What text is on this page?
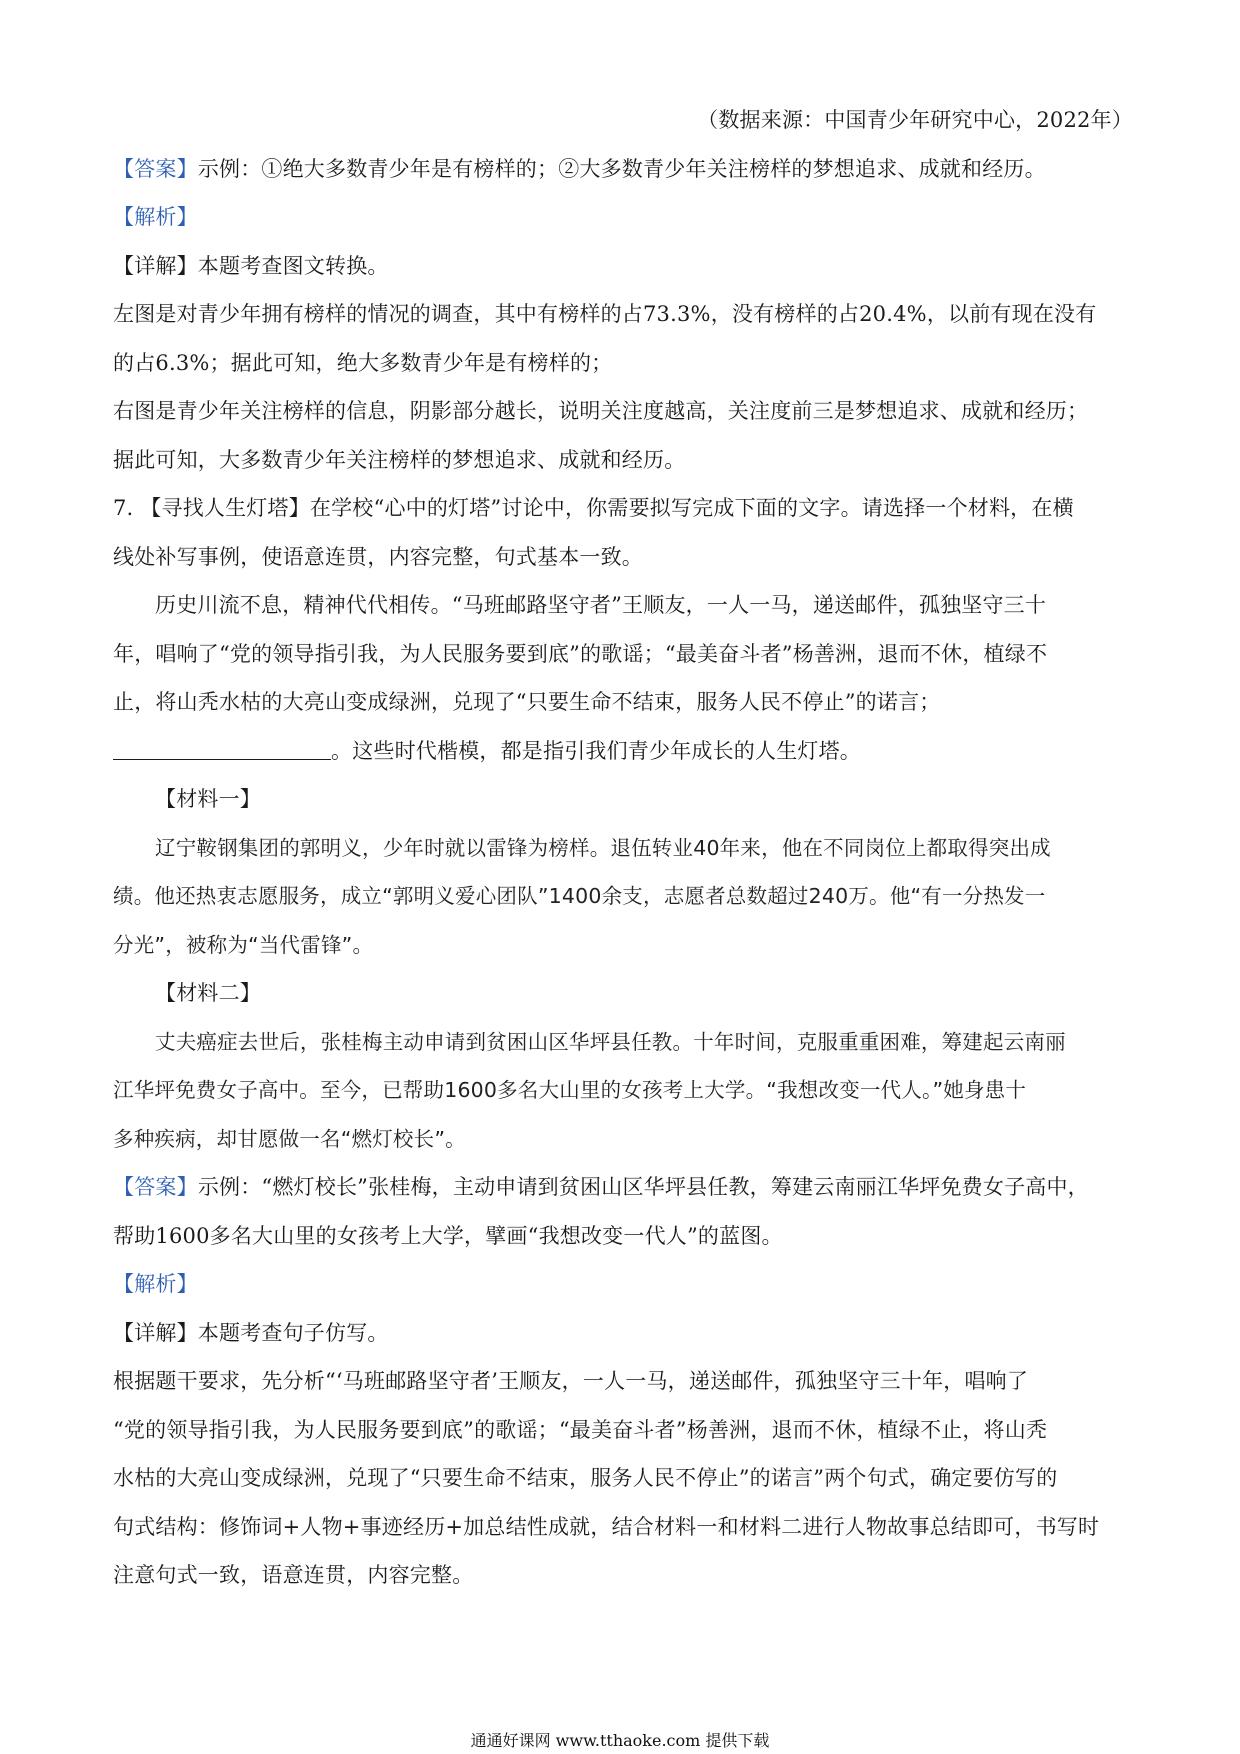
（数据来源：中国青少年研究中心，2022年）
【答案】示例：①绝大多数青少年是有榜样的；②大多数青少年关注榜样的梦想追求、成就和经历。
【解析】
【详解】本题考查图文转换。
左图是对青少年拥有榜样的情况的调查，其中有榜样的占73.3%，没有榜样的占20.4%，以前有现在没有
的占6.3%；据此可知，绝大多数青少年是有榜样的；
右图是青少年关注榜样的信息，阴影部分越长，说明关注度越高，关注度前三是梦想追求、成就和经历；
据此可知，大多数青少年关注榜样的梦想追求、成就和经历。
7. 【寻找人生灯塔】在学校“心中的灯塔”讨论中，你需要拟写完成下面的文字。请选择一个材料，在横
线处补写事例，使语意连贯，内容完整，句式基本一致。
历史川流不息，精神代代相传。“马班邮路坚守者”王顺友，一人一马，递送邮件，孤独坚守三十
年，唱响了“党的领导指引我，为人民服务要到底”的歌谣；“最美奋斗者”杨善洲，退而不休，植绿不
止，将山秃水枯的大亮山变成绿洲，兑现了“只要生命不结束，服务人民不停止”的诺言；
。这些时代楷模，都是指引我们青少年成长的人生灯塔。
【材料一】
辽宁鞍钢集团的郭明义，少年时就以雷锋为榜样。退伍转业40年来，他在不同岗位上都取得突出成
绩。他还热衷志愿服务，成立“郭明义爱心团队”1400余支，志愿者总数超过240万。他“有一分热发一
分光”，被称为“当代雷锋”。
【材料二】
丈夫癌症去世后，张桂梅主动申请到贫困山区华坪县任教。十年时间，克服重重困难，筹建起云南丽
江华坪免费女子高中。至今，已帮助1600多名大山里的女孩考上大学。“我想改变一代人。”她身患十
多种疾病，却甘愿做一名“燃灯校长”。
【答案】示例：“燃灯校长”张桂梅，主动申请到贫困山区华坪县任教，筹建云南丽江华坪免费女子高中，
帮助1600多名大山里的女孩考上大学，擘画“我想改变一代人”的蓝图。
【解析】
【详解】本题考查句子仿写。
根据题干要求，先分析“‘马班邮路坚守者’王顺友，一人一马，递送邮件，孤独坚守三十年，唱响了
“党的领导指引我，为人民服务要到底”的歌谣；“最美奋斗者”杨善洲，退而不休，植绿不止，将山秃
水枯的大亮山变成绿洲，兑现了“只要生命不结束，服务人民不停止”的诺言”两个句式，确定要仿写的
句式结构：修饰词+人物+事迹经历+加总结性成就，结合材料一和材料二进行人物故事总结即可，书写时
注意句式一致，语意连贯，内容完整。
通通好课网 www.tthaoke.com 提供下载
